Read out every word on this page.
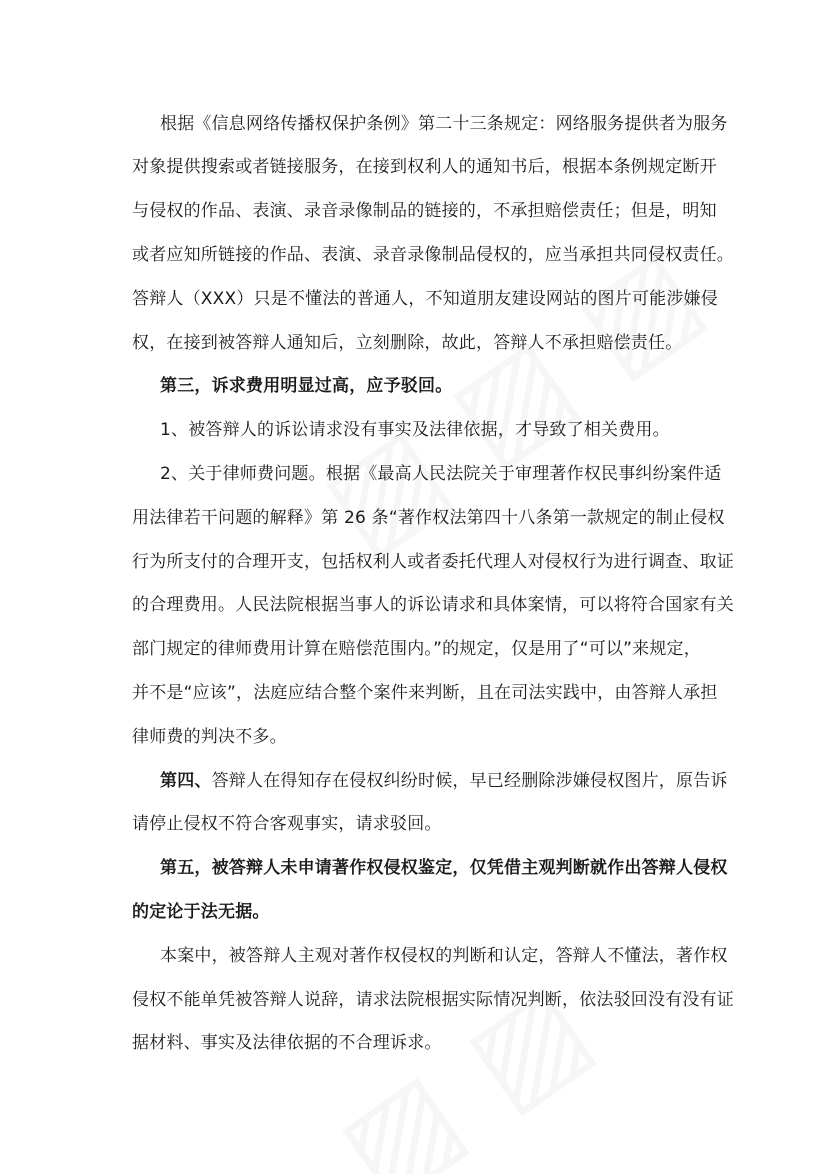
根据《信息网络传播权保护条例》第二十三条规定：网络服务提供者为服务
对象提供搜索或者链接服务，在接到权利人的通知书后，根据本条例规定断开
与侵权的作品、表演、录音录像制品的链接的，不承担赔偿责任；但是，明知
或者应知所链接的作品、表演、录音录像制品侵权的，应当承担共同侵权责任。
答辩人（XXX）只是不懂法的普通人，不知道朋友建设网站的图片可能涉嫌侵
权，在接到被答辩人通知后，立刻删除，故此，答辩人不承担赔偿责任。
第三，诉求费用明显过高，应予驳回。
1、被答辩人的诉讼请求没有事实及法律依据，才导致了相关费用。
2、关于律师费问题。根据《最高人民法院关于审理著作权民事纠纷案件适
用法律若干问题的解释》第 26 条“著作权法第四十八条第一款规定的制止侵权
行为所支付的合理开支，包括权利人或者委托代理人对侵权行为进行调查、取证
的合理费用。人民法院根据当事人的诉讼请求和具体案情，可以将符合国家有关
部门规定的律师费用计算在赔偿范围内。”的规定，仅是用了“可以”来规定，
并不是“应该”，法庭应结合整个案件来判断，且在司法实践中，由答辩人承担
律师费的判决不多。
第四、答辩人在得知存在侵权纠纷时候，早已经删除涉嫌侵权图片，原告诉
请停止侵权不符合客观事实，请求驳回。
第五，被答辩人未申请著作权侵权鉴定，仅凭借主观判断就作出答辩人侵权
的定论于法无据。
本案中，被答辩人主观对著作权侵权的判断和认定，答辩人不懂法，著作权
侵权不能单凭被答辩人说辞，请求法院根据实际情况判断，依法驳回没有没有证
据材料、事实及法律依据的不合理诉求。
